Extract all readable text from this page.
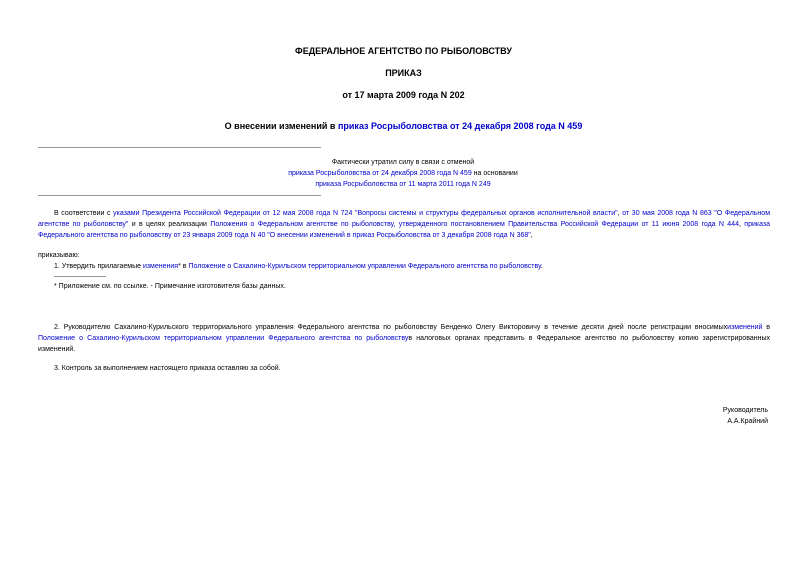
ФЕДЕРАЛЬНОЕ АГЕНТСТВО ПО РЫБОЛОВСТВУ
ПРИКАЗ
от 17 марта 2009 года N 202
О внесении изменений в приказ Росрыболовства от 24 декабря 2008 года N 459
Фактически утратил силу в связи с отменой
приказа Росрыболовства от 24 декабря 2008 года N 459 на основании
приказа Росрыболовства от 11 марта 2011 года N 249
В соответствии с указами Президента Российской Федерации от 12 мая 2008 года N 724 "Вопросы системы и структуры федеральных органов исполнительной власти", от 30 мая 2008 года N 863 "О Федеральном агентстве по рыболовству" и в целях реализации Положения о Федеральном агентстве по рыболовству, утвержденного постановлением Правительства Российской Федерации от 11 июня 2008 года N 444, приказа Федерального агентства по рыболовству от 23 января 2009 года N 40 "О внесении изменений в приказ Росрыболовства от 3 декабря 2008 года N 368",
приказываю:
1. Утвердить прилагаемые изменения* в Положение о Сахалино-Курильском территориальном управлении Федерального агентства по рыболовству.
* Приложение см. по ссылке. - Примечание изготовителя базы данных.
2. Руководителю Сахалино-Курильского территориального управления Федерального агентства по рыболовству Бенденко Олегу Викторовичу в течение десяти дней после регистрации вносимыхизменений в Положение о Сахалино-Курильском территориальном управлении Федерального агентства по рыболовствув налоговых органах представить в Федеральное агентство по рыболовству копию зарегистрированных изменений.
3. Контроль за выполнением настоящего приказа оставляю за собой.
Руководитель
А.А.Крайний
